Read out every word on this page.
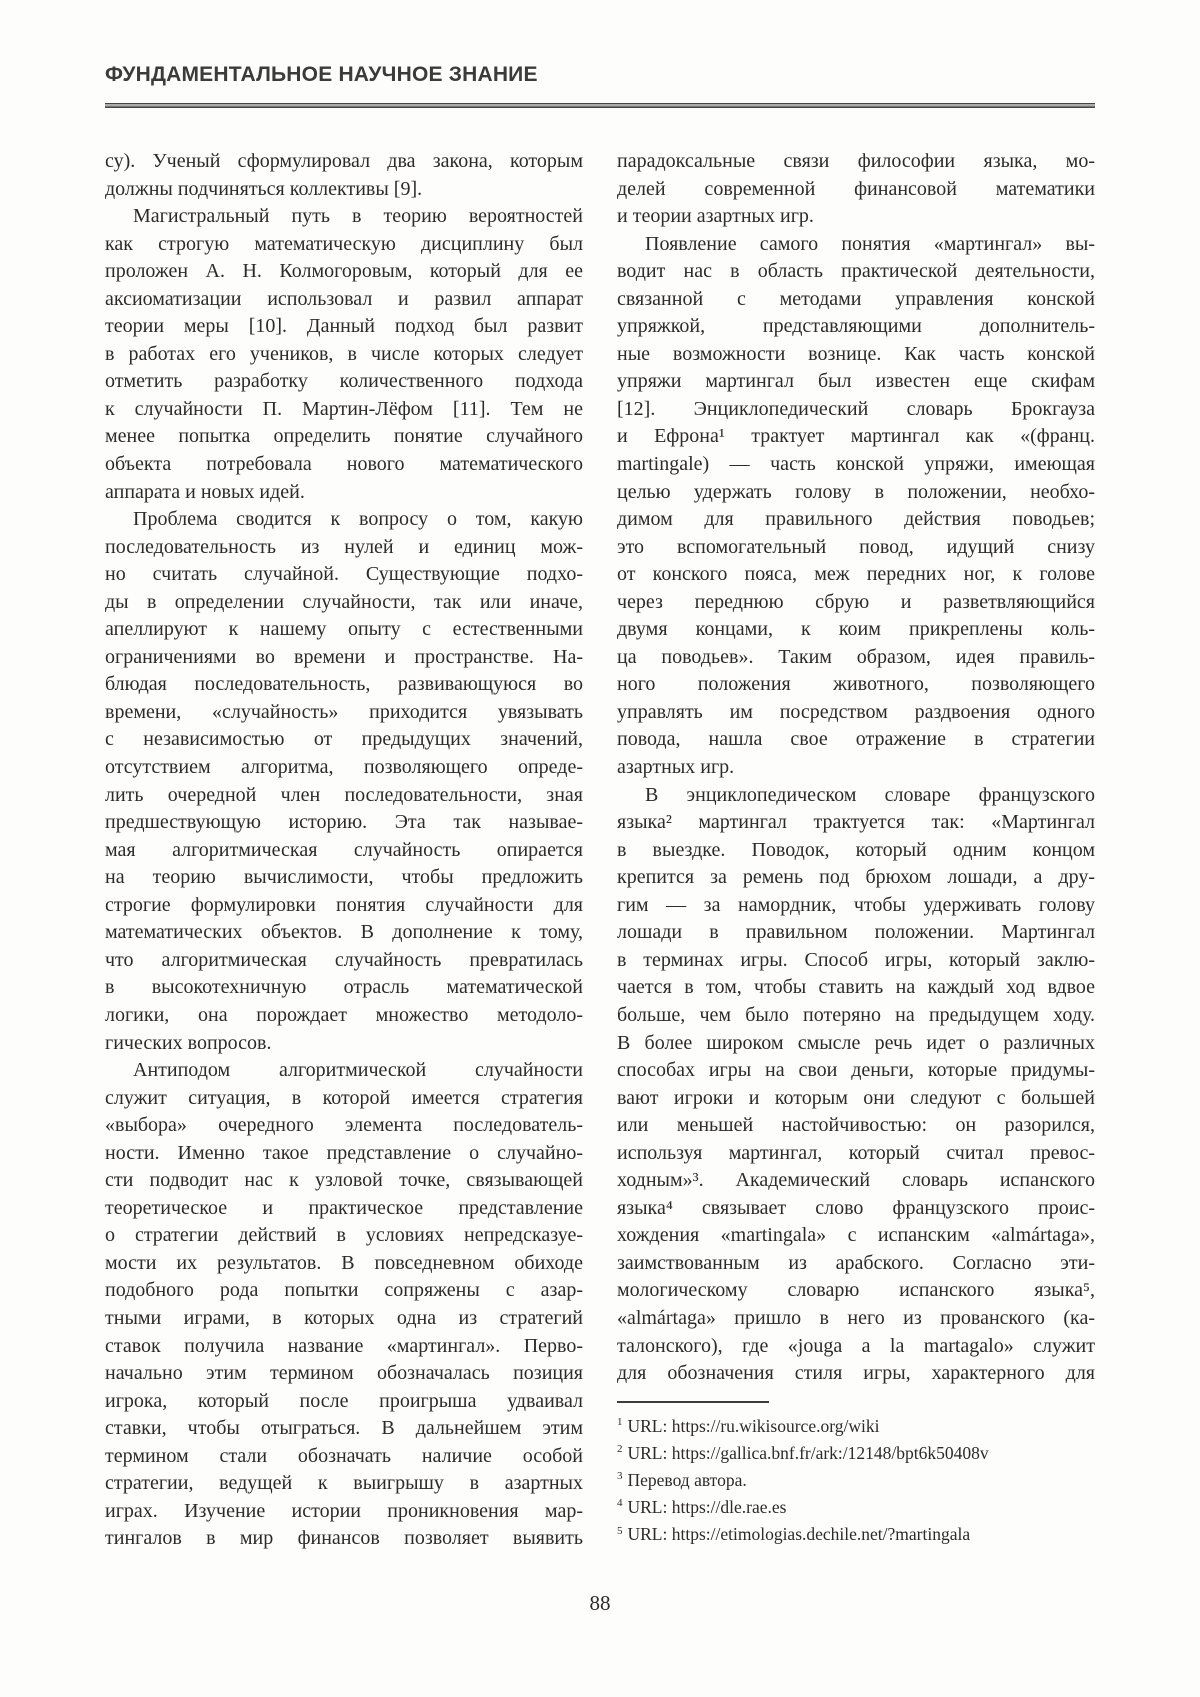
ФУНДАМЕНТАЛЬНОЕ НАУЧНОЕ ЗНАНИЕ
су). Ученый сформулировал два закона, которым
должны подчиняться коллективы [9].
Магистральный путь в теорию вероятностей
как строгую математическую дисциплину был
проложен А. Н. Колмогоровым, который для ее
аксиоматизации использовал и развил аппарат
теории меры [10]. Данный подход был развит
в работах его учеников, в числе которых следует
отметить разработку количественного подхода
к случайности П. Мартин-Лёфом [11]. Тем не
менее попытка определить понятие случайного
объекта потребовала нового математического
аппарата и новых идей.
Проблема сводится к вопросу о том, какую
последовательность из нулей и единиц мож-
но считать случайной. Существующие подхо-
ды в определении случайности, так или иначе,
апеллируют к нашему опыту с естественными
ограничениями во времени и пространстве. На-
блюдая последовательность, развивающуюся во
времени, «случайность» приходится увязывать
с независимостью от предыдущих значений,
отсутствием алгоритма, позволяющего опреде-
лить очередной член последовательности, зная
предшествующую историю. Эта так называе-
мая алгоритмическая случайность опирается
на теорию вычислимости, чтобы предложить
строгие формулировки понятия случайности для
математических объектов. В дополнение к тому,
что алгоритмическая случайность превратилась
в высокотехничную отрасль математической
логики, она порождает множество методоло-
гических вопросов.
Антиподом алгоритмической случайности
служит ситуация, в которой имеется стратегия
«выбора» очередного элемента последователь-
ности. Именно такое представление о случайно-
сти подводит нас к узловой точке, связывающей
теоретическое и практическое представление
о стратегии действий в условиях непредсказуе-
мости их результатов. В повседневном обиходе
подобного рода попытки сопряжены с азар-
тными играми, в которых одна из стратегий
ставок получила название «мартингал». Перво-
начально этим термином обозначалась позиция
игрока, который после проигрыша удваивал
ставки, чтобы отыграться. В дальнейшем этим
термином стали обозначать наличие особой
стратегии, ведущей к выигрышу в азартных
играх. Изучение истории проникновения мар-
тингалов в мир финансов позволяет выявить
парадоксальные связи философии языка, мо-
делей современной финансовой математики
и теории азартных игр.
Появление самого понятия «мартингал» вы-
водит нас в область практической деятельности,
связанной с методами управления конской
упряжкой, представляющими дополнитель-
ные возможности вознице. Как часть конской
упряжи мартингал был известен еще скифам
[12]. Энциклопедический словарь Брокгауза
и Ефрона¹ трактует мартингал как «(франц.
martingale) — часть конской упряжи, имеющая
целью удержать голову в положении, необхо-
димом для правильного действия поводьев;
это вспомогательный повод, идущий снизу
от конского пояса, меж передних ног, к голове
через переднюю сбрую и разветвляющийся
двумя концами, к коим прикреплены коль-
ца поводьев». Таким образом, идея правиль-
ного положения животного, позволяющего
управлять им посредством раздвоения одного
повода, нашла свое отражение в стратегии
азартных игр.
В энциклопедическом словаре французского
языка² мартингал трактуется так: «Мартингал
в выездке. Поводок, который одним концом
крепится за ремень под брюхом лошади, а дру-
гим — за намордник, чтобы удерживать голову
лошади в правильном положении. Мартингал
в терминах игры. Способ игры, который заклю-
чается в том, чтобы ставить на каждый ход вдвое
больше, чем было потеряно на предыдущем ходу.
В более широком смысле речь идет о различных
способах игры на свои деньги, которые придумы-
вают игроки и которым они следуют с большей
или меньшей настойчивостью: он разорился,
используя мартингал, который считал превос-
ходным»³. Академический словарь испанского
языка⁴ связывает слово французского проис-
хождения «martingala» с испанским «almártaga»,
заимствованным из арабского. Согласно эти-
мологическому словарю испанского языка⁵,
«almártaga» пришло в него из прованского (ка-
талонского), где «jouga a la martagalo» служит
для обозначения стиля игры, характерного для
$^1$ URL: https://ru.wikisource.org/wiki
$^2$ URL: https://gallica.bnf.fr/ark:/12148/bpt6k50408v
$^3$ Перевод автора.
$^4$ URL: https://dle.rae.es
$^5$ URL: https://etimologias.dechile.net/?martingala
88
